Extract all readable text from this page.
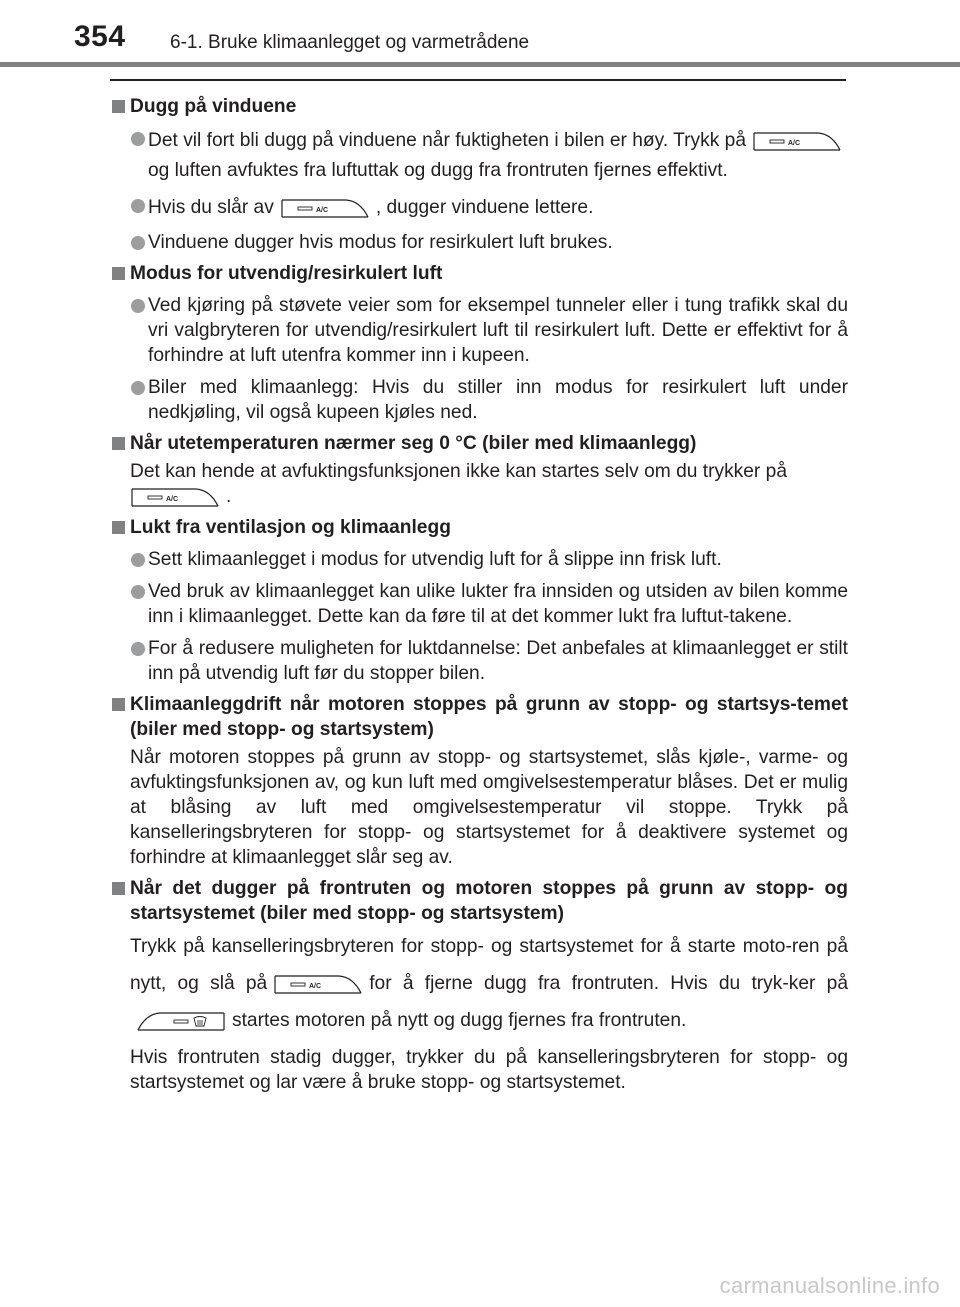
354 6-1. Bruke klimaanlegget og varmetrådene
Dugg på vinduene
Det vil fort bli dugg på vinduene når fuktigheten i bilen er høy. Trykk på	A/C
og luften avfuktes fra luftuttak og dugg fra frontruten fjernes effektivt.
Hvis du slår av	A/C , dugger vinduene lettere.
Vinduene dugger hvis modus for resirkulert luft brukes.
Modus for utvendig/resirkulert luft
Ved kjøring på støvete veier som for eksempel tunneler eller i tung trafikk skal du vri valgbryteren for utvendig/resirkulert luft til resirkulert luft. Dette er effektivt for å forhindre at luft utenfra kommer inn i kupeen.
Biler med klimaanlegg: Hvis du stiller inn modus for resirkulert luft under nedkjøling, vil også kupeen kjøles ned.
Når utetemperaturen nærmer seg 0 °C (biler med klimaanlegg)
Det kan hende at avfuktingsfunksjonen ikke kan startes selv om du trykker på

A/C .
Lukt fra ventilasjon og klimaanlegg
Sett klimaanlegget i modus for utvendig luft for å slippe inn frisk luft.
Ved bruk av klimaanlegget kan ulike lukter fra innsiden og utsiden av bilen komme inn i klimaanlegget. Dette kan da føre til at det kommer lukt fra luftut-takene.
For å redusere muligheten for luktdannelse: Det anbefales at klimaanlegget er stilt inn på utvendig luft før du stopper bilen.
Klimaanleggdrift når motoren stoppes på grunn av stopp- og startsys-temet (biler med stopp- og startsystem)
Når motoren stoppes på grunn av stopp- og startsystemet, slås kjøle-, varme- og avfuktingsfunksjonen av, og kun luft med omgivelsestemperatur blåses. Det er mulig at blåsing av luft med omgivelsestemperatur vil stoppe. Trykk på kanselleringsbryteren for stopp- og startsystemet for å deaktivere systemet og forhindre at klimaanlegget slår seg av.
Når det dugger på frontruten og motoren stoppes på grunn av stopp- og startsystemet (biler med stopp- og startsystem)
Trykk på kanselleringsbryteren for stopp- og startsystemet for å starte moto-ren på nytt, og slå på	A/C for å fjerne dugg fra frontruten. Hvis du tryk-ker på
startes motoren på nytt og dugg fjernes fra frontruten.
Hvis frontruten stadig dugger, trykker du på kanselleringsbryteren for stopp- og startsystemet og lar være å bruke stopp- og startsystemet.
carmanualsonline.info
